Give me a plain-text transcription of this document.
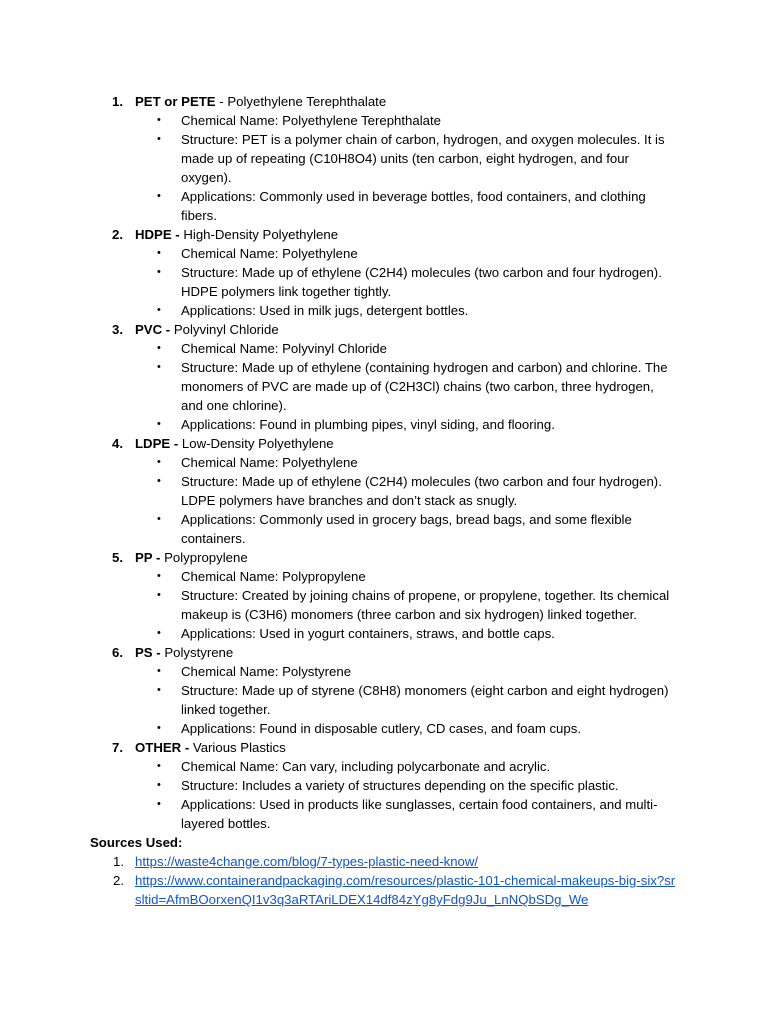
1. PET or PETE - Polyethylene Terephthalate
• Chemical Name: Polyethylene Terephthalate
• Structure: PET is a polymer chain of carbon, hydrogen, and oxygen molecules. It is made up of repeating (C10H8O4) units (ten carbon, eight hydrogen, and four oxygen).
• Applications: Commonly used in beverage bottles, food containers, and clothing fibers.
2. HDPE - High-Density Polyethylene
• Chemical Name: Polyethylene
• Structure: Made up of ethylene (C2H4) molecules (two carbon and four hydrogen). HDPE polymers link together tightly.
• Applications: Used in milk jugs, detergent bottles.
3. PVC - Polyvinyl Chloride
• Chemical Name: Polyvinyl Chloride
• Structure: Made up of ethylene (containing hydrogen and carbon) and chlorine. The monomers of PVC are made up of (C2H3Cl) chains (two carbon, three hydrogen, and one chlorine).
• Applications: Found in plumbing pipes, vinyl siding, and flooring.
4. LDPE - Low-Density Polyethylene
• Chemical Name: Polyethylene
• Structure: Made up of ethylene (C2H4) molecules (two carbon and four hydrogen). LDPE polymers have branches and don’t stack as snugly.
• Applications: Commonly used in grocery bags, bread bags, and some flexible containers.
5. PP - Polypropylene
• Chemical Name: Polypropylene
• Structure: Created by joining chains of propene, or propylene, together. Its chemical makeup is (C3H6) monomers (three carbon and six hydrogen) linked together.
• Applications: Used in yogurt containers, straws, and bottle caps.
6. PS - Polystyrene
• Chemical Name: Polystyrene
• Structure: Made up of styrene (C8H8) monomers (eight carbon and eight hydrogen) linked together.
• Applications: Found in disposable cutlery, CD cases, and foam cups.
7. OTHER - Various Plastics
• Chemical Name: Can vary, including polycarbonate and acrylic.
• Structure: Includes a variety of structures depending on the specific plastic.
• Applications: Used in products like sunglasses, certain food containers, and multi-layered bottles.
Sources Used:
1. https://waste4change.com/blog/7-types-plastic-need-know/
2. https://www.containerandpackaging.com/resources/plastic-101-chemical-makeups-big-six?srsltid=AfmBOorxenQI1v3q3aRTAriLDEX14df84zYg8yFdg9Ju_LnNQbSDg_We
